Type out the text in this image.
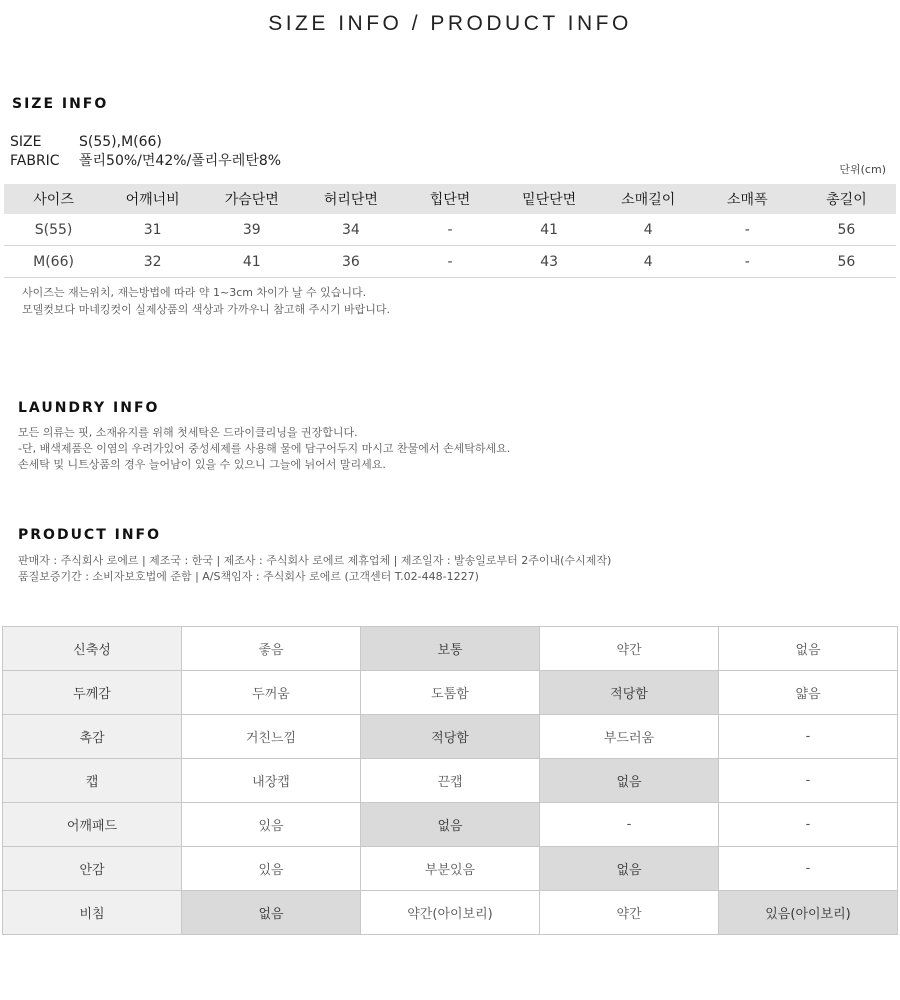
SIZE INFO / PRODUCT INFO
SIZE INFO
SIZE	S(55),M(66)
FABRIC 폴리50%/면42%/폴리우레탄8%
단위(cm)
사이즈	어깨너비	가슴단면	허리단면	힙단면	밑단단면	소매길이	소매폭	총길이
S(55)	31	39	34	-	41	4	-	56
M(66)	32	41	36	-	43	4	-	56
사이즈는 재는위치, 재는방법에 따라 약 1~3cm 차이가 날 수 있습니다.
모델컷보다 마네킹컷이 실제상품의 색상과 가까우니 참고해 주시기 바랍니다.
LAUNDRY INFO
모든 의류는 핏, 소재유지를 위해 첫세탁은 드라이클리닝을 권장합니다.
-단, 배색제품은 이염의 우려가있어 중성세제를 사용해 물에 담구어두지 마시고 찬물에서 손세탁하세요.
손세탁 및 니트상품의 경우 늘어남이 있을 수 있으니 그늘에 뉘어서 말리세요.
PRODUCT INFO
판매자 : 주식회사 로에르 | 제조국 : 한국 | 제조사 : 주식회사 로에르 제휴업체 | 제조일자 : 발송일로부터 2주이내(수시제작)
품질보증기간 : 소비자보호법에 준함 | A/S책임자 : 주식회사 로에르 (고객센터 T.02-448-1227)
신축성	좋음	보통	약간	없음
두께감	두꺼움	도톰함	적당함	얇음
촉감	거친느낌	적당함	부드러움	-
캡	내장캡	끈캡	없음	-
어깨패드	있음	없음	-	-
안감	있음	부분있음	없음	-
비침	없음	약간(아이보리)	약간	있음(아이보리)
